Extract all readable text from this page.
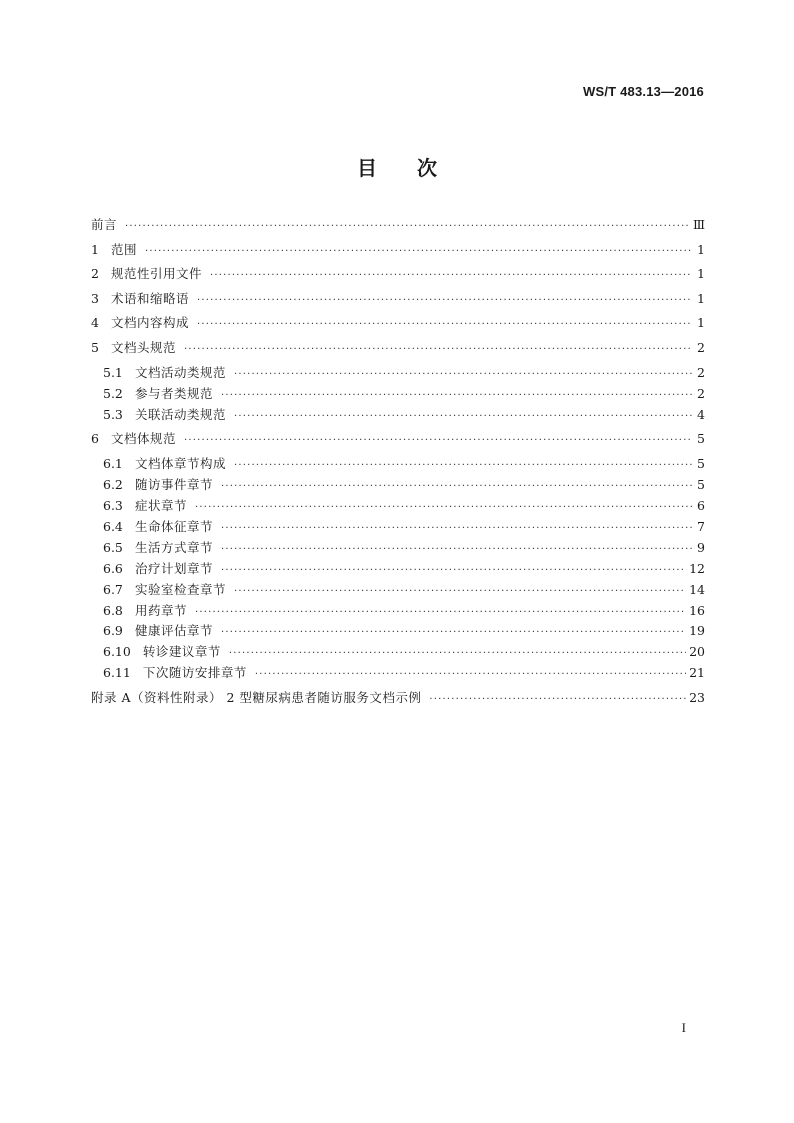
WS/T 483.13—2016
目次
前言 ·····	Ⅲ
1 范围 ·····	1
2 规范性引用文件 ·····	1
3 术语和缩略语 ·····	1
4 文档内容构成 ·····	1
5 文档头规范 ·····	2
5.1 文档活动类规范 ·····	2
5.2 参与者类规范 ·····	2
5.3 关联活动类规范 ·····	4
6 文档体规范 ·····	5
6.1 文档体章节构成 ·····	5
6.2 随访事件章节 ·····	5
6.3 症状章节 ·····	6
6.4 生命体征章节 ·····	7
6.5 生活方式章节 ·····	9
6.6 治疗计划章节 ·····	12
6.7 实验室检查章节 ·····	14
6.8 用药章节 ·····	16
6.9 健康评估章节 ·····	19
6.10 转诊建议章节 ·····	20
6.11 下次随访安排章节 ·····	21
附录 A（资料性附录） 2 型糖尿病患者随访服务文档示例 ·····	23
I
